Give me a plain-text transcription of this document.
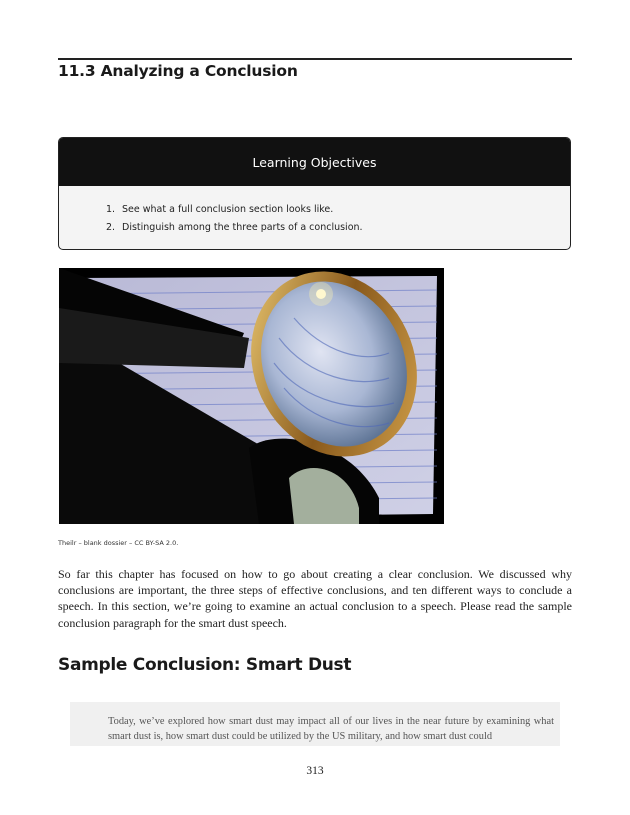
11.3 Analyzing a Conclusion
Learning Objectives
1. See what a full conclusion section looks like.
2. Distinguish among the three parts of a conclusion.
Theilr – blank dossier – CC BY-SA 2.0.

So far this chapter has focused on how to go about creating a clear conclusion. We discussed why conclusions are important, the three steps of effective conclusions, and ten different ways to conclude a speech. In this section, we’re going to examine an actual conclusion to a speech. Please read the sample conclusion paragraph for the smart dust speech.

Sample Conclusion: Smart Dust
Today, we’ve explored how smart dust may impact all of our lives in the near future by examining what smart dust is, how smart dust could be utilized by the US military, and how smart dust could
313
